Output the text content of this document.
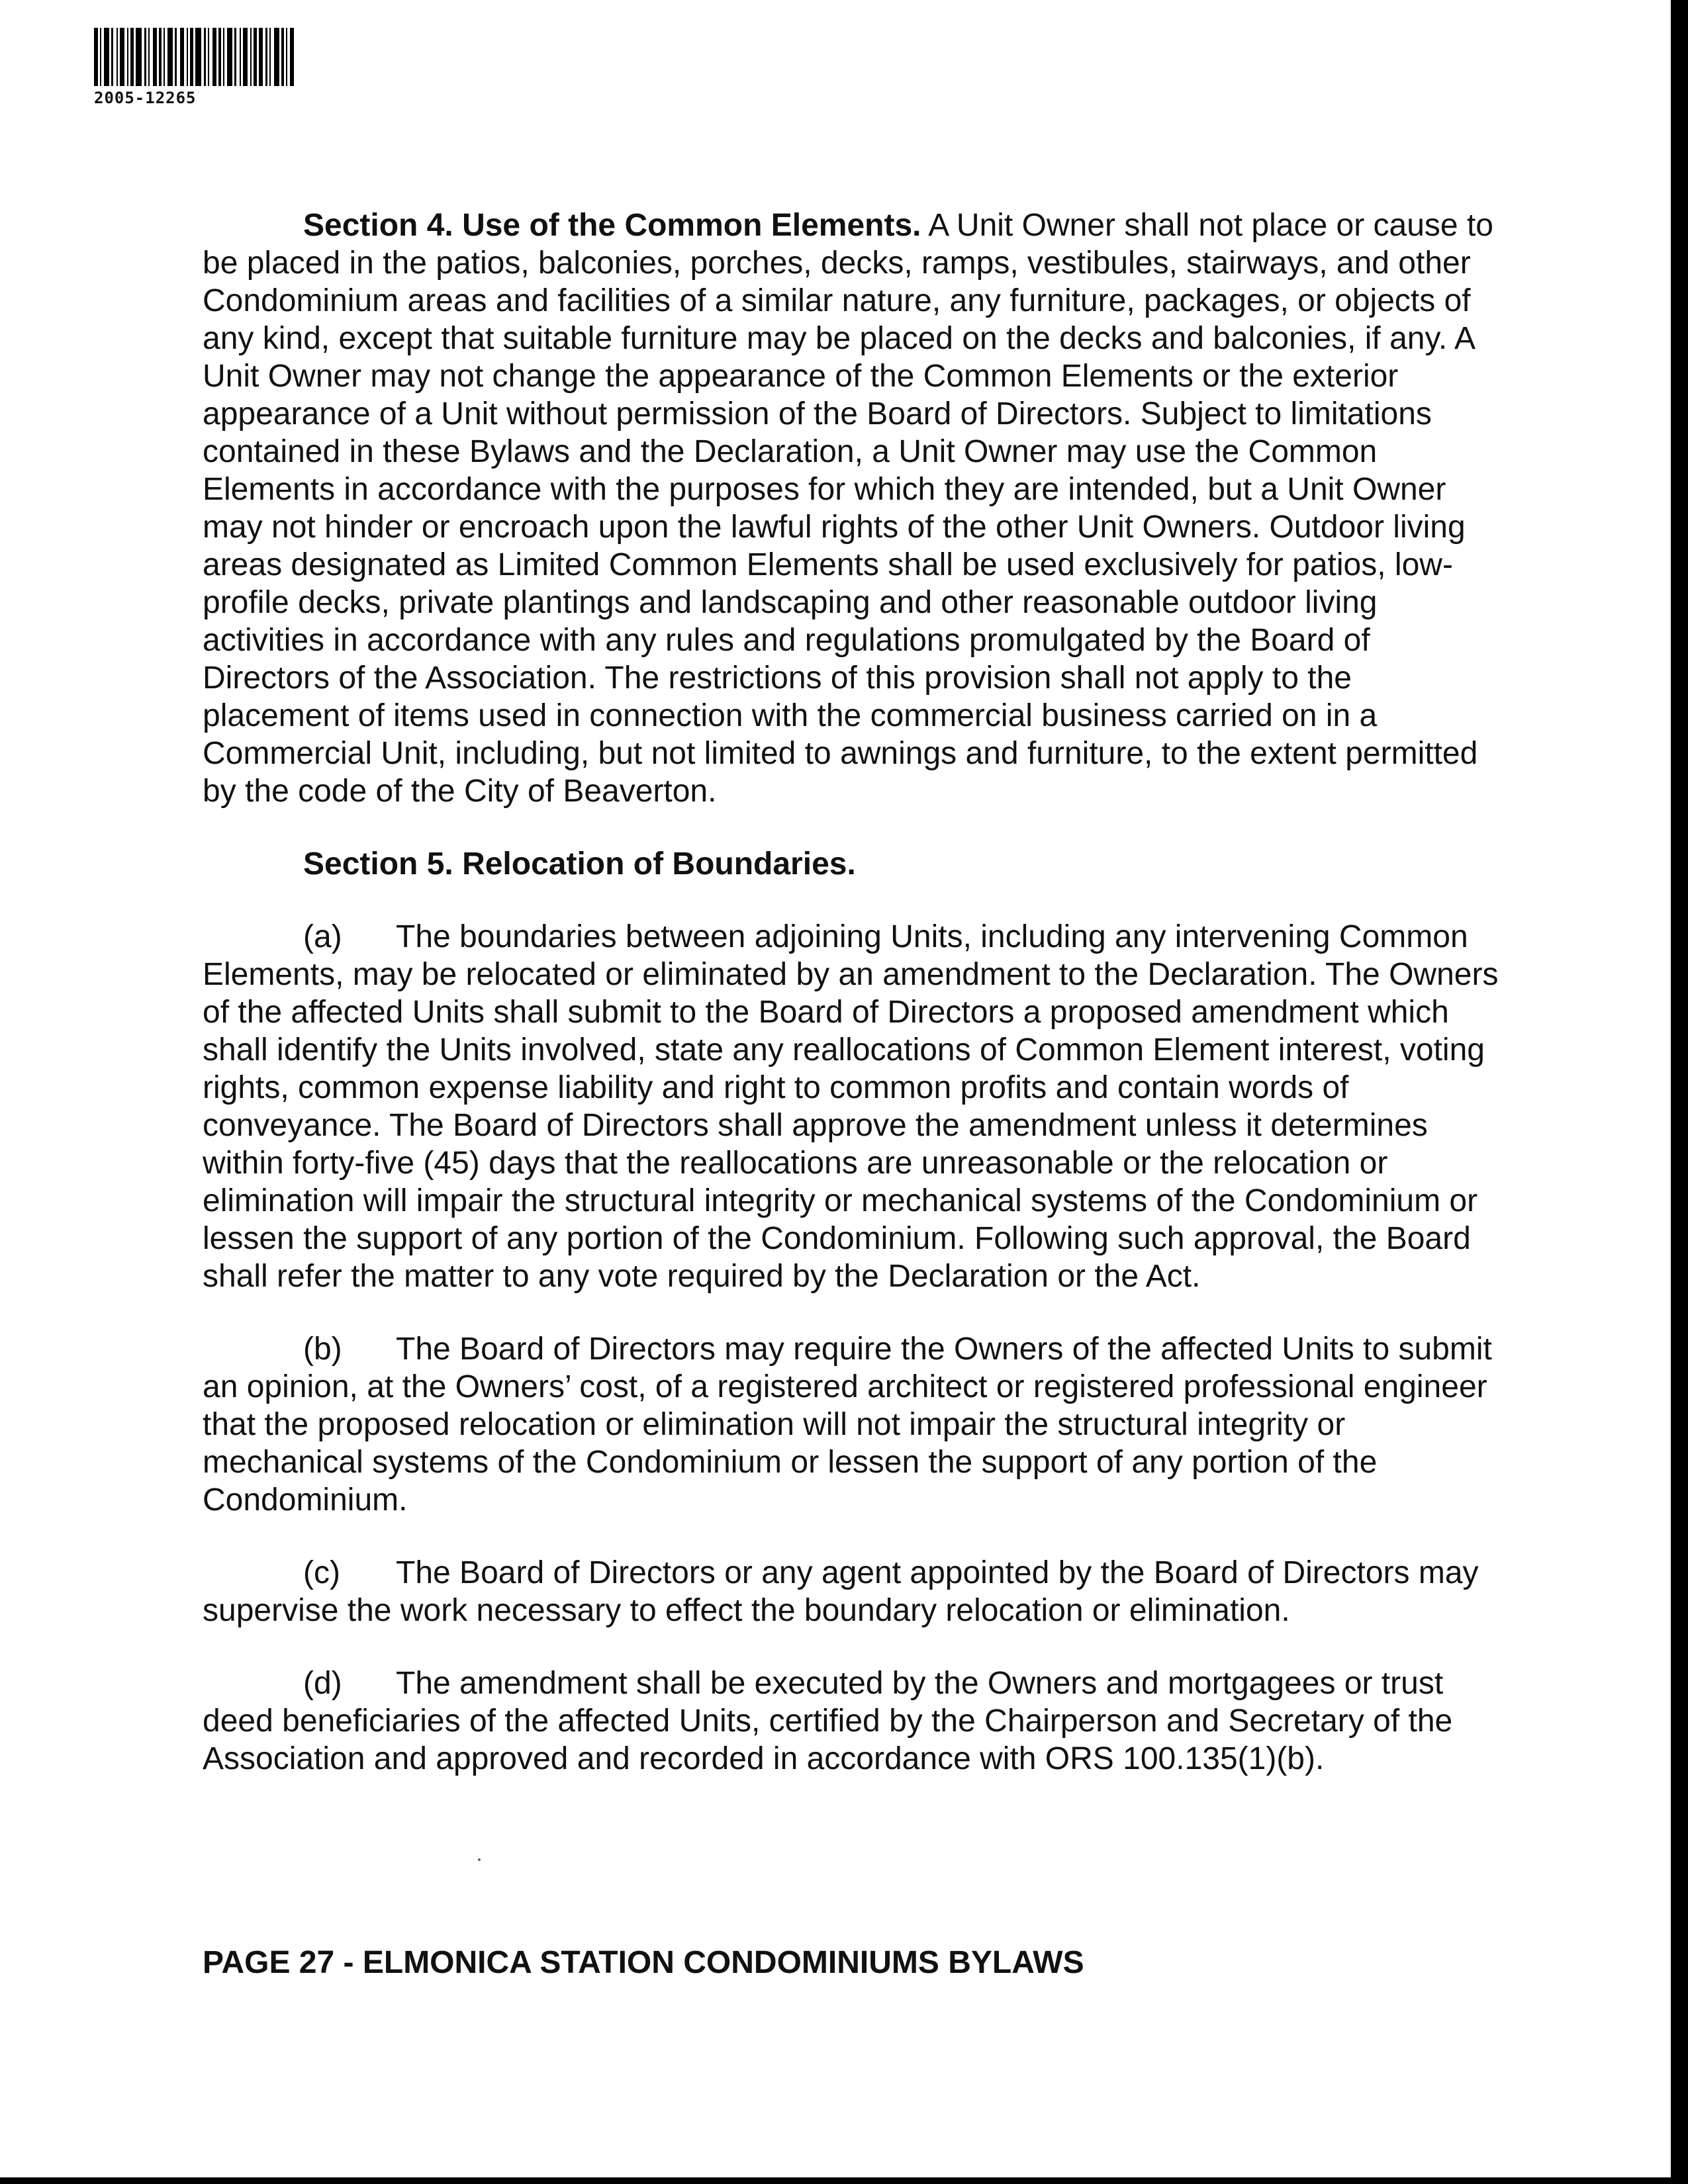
2005-12265

Section 4. Use of the Common Elements. A Unit Owner shall not place or cause to be placed in the patios, balconies, porches, decks, ramps, vestibules, stairways, and other Condominium areas and facilities of a similar nature, any furniture, packages, or objects of any kind, except that suitable furniture may be placed on the decks and balconies, if any. A Unit Owner may not change the appearance of the Common Elements or the exterior appearance of a Unit without permission of the Board of Directors. Subject to limitations contained in these Bylaws and the Declaration, a Unit Owner may use the Common Elements in accordance with the purposes for which they are intended, but a Unit Owner may not hinder or encroach upon the lawful rights of the other Unit Owners. Outdoor living areas designated as Limited Common Elements shall be used exclusively for patios, low-profile decks, private plantings and landscaping and other reasonable outdoor living activities in accordance with any rules and regulations promulgated by the Board of Directors of the Association. The restrictions of this provision shall not apply to the placement of items used in connection with the commercial business carried on in a Commercial Unit, including, but not limited to awnings and furniture, to the extent permitted by the code of the City of Beaverton.

Section 5. Relocation of Boundaries.

(a) The boundaries between adjoining Units, including any intervening Common Elements, may be relocated or eliminated by an amendment to the Declaration. The Owners of the affected Units shall submit to the Board of Directors a proposed amendment which shall identify the Units involved, state any reallocations of Common Element interest, voting rights, common expense liability and right to common profits and contain words of conveyance. The Board of Directors shall approve the amendment unless it determines within forty-five (45) days that the reallocations are unreasonable or the relocation or elimination will impair the structural integrity or mechanical systems of the Condominium or lessen the support of any portion of the Condominium. Following such approval, the Board shall refer the matter to any vote required by the Declaration or the Act.

(b) The Board of Directors may require the Owners of the affected Units to submit an opinion, at the Owners’ cost, of a registered architect or registered professional engineer that the proposed relocation or elimination will not impair the structural integrity or mechanical systems of the Condominium or lessen the support of any portion of the Condominium.

(c) The Board of Directors or any agent appointed by the Board of Directors may supervise the work necessary to effect the boundary relocation or elimination.

(d) The amendment shall be executed by the Owners and mortgagees or trust deed beneficiaries of the affected Units, certified by the Chairperson and Secretary of the Association and approved and recorded in accordance with ORS 100.135(1)(b).

PAGE 27 - ELMONICA STATION CONDOMINIUMS BYLAWS
